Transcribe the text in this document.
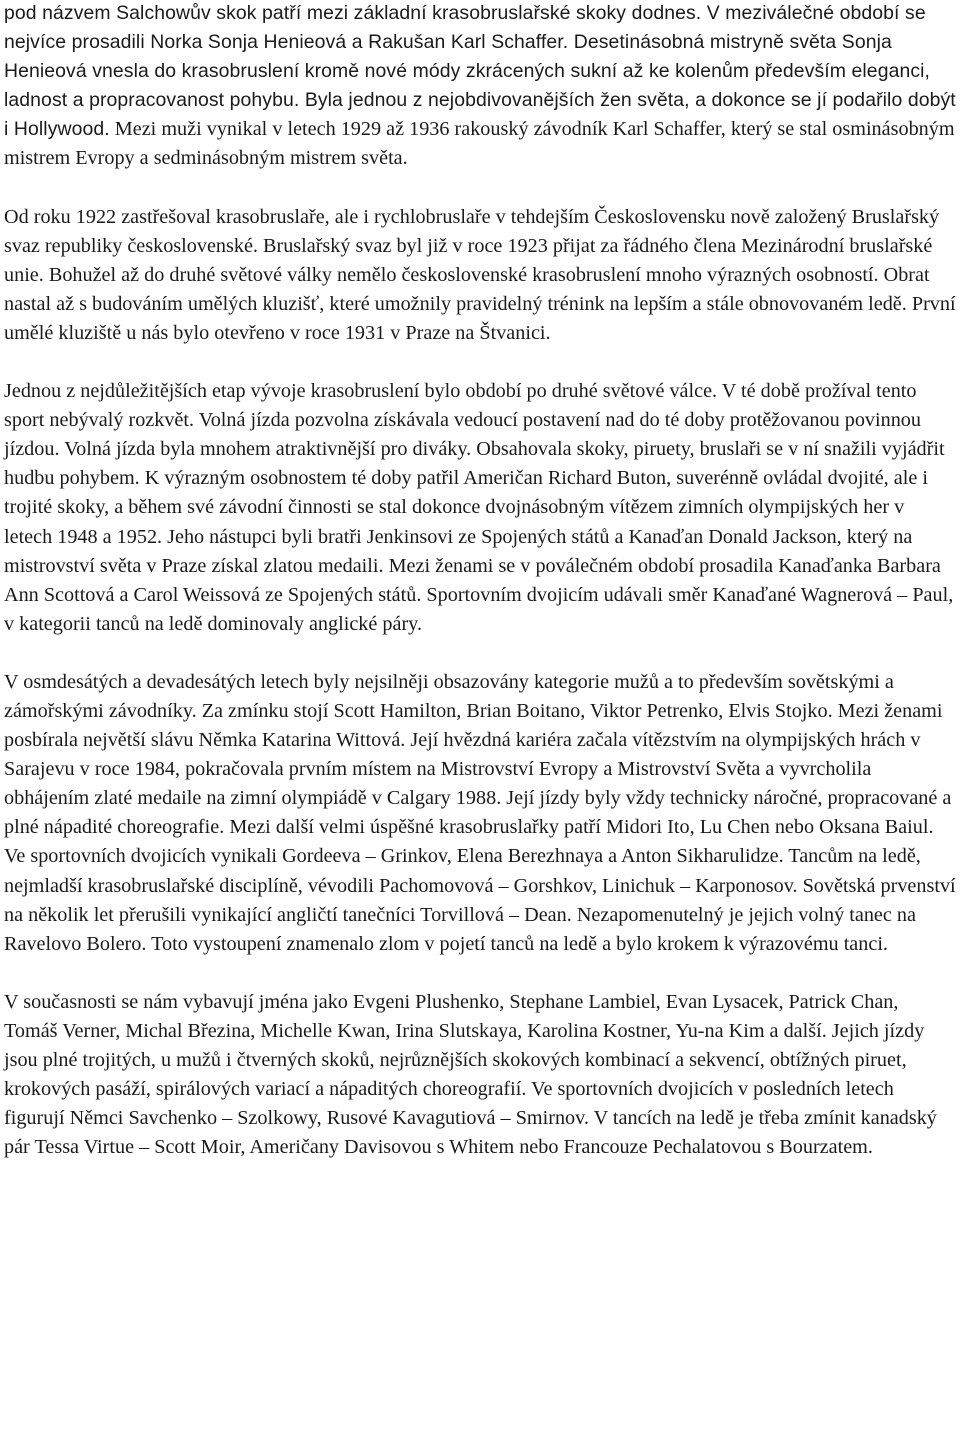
pod názvem Salchowův skok patří mezi základní krasobruslařské skoky dodnes. V meziválečné období se nejvíce prosadili Norka Sonja Henieová a Rakušan Karl Schaffer. Desetinásobná mistryně světa Sonja Henieová vnesla do krasobruslení kromě nové módy zkrácených sukní až ke kolenům především eleganci, ladnost a propracovanost pohybu. Byla jednou z nejobdivovanějších žen světa, a dokonce se jí podařilo dobýt i Hollywood. Mezi muži vynikal v letech 1929 až 1936 rakouský závodník Karl Schaffer, který se stal osminásobným mistrem Evropy a sedminásobným mistrem světa.

Od roku 1922 zastřešoval krasobruslaře, ale i rychlobruslaře v tehdejším Československu nově založený Bruslařský svaz republiky československé. Bruslařský svaz byl již v roce 1923 přijat za řádného člena Mezinárodní bruslařské unie. Bohužel až do druhé světové války nemělo československé krasobruslení mnoho výrazných osobností. Obrat nastal až s budováním umělých kluzišť, které umožnily pravidelný trénink na lepším a stále obnovovaném ledě. První umělé kluziště u nás bylo otevřeno v roce 1931 v Praze na Štvanici.

Jednou z nejdůležitějších etap vývoje krasobruslení bylo období po druhé světové válce. V té době prožíval tento sport nebývalý rozkvět. Volná jízda pozvolna získávala vedoucí postavení nad do té doby protěžovanou povinnou jízdou. Volná jízda byla mnohem atraktivnější pro diváky. Obsahovala skoky, piruety, bruslaři se v ní snažili vyjádřit hudbu pohybem. K výrazným osobnostem té doby patřil Američan Richard Buton, suverénně ovládal dvojité, ale i trojité skoky, a během své závodní činnosti se stal dokonce dvojnásobným vítězem zimních olympijských her v letech 1948 a 1952. Jeho nástupci byli bratři Jenkinsovi ze Spojených států a Kanaďan Donald Jackson, který na mistrovství světa v Praze získal zlatou medaili. Mezi ženami se v poválečném období prosadila Kanaďanka Barbara Ann Scottová a Carol Weissová ze Spojených států. Sportovním dvojicím udávali směr Kanaďané Wagnerová – Paul, v kategorii tanců na ledě dominovaly anglické páry.

V osmdesátých a devadesátých letech byly nejsilněji obsazovány kategorie mužů a to především sovětskými a zámořskými závodníky. Za zmínku stojí Scott Hamilton, Brian Boitano, Viktor Petrenko, Elvis Stojko. Mezi ženami posbírala největší slávu Němka Katarina Wittová. Její hvězdná kariéra začala vítězstvím na olympijských hrách v Sarajevu v roce 1984, pokračovala prvním místem na Mistrovství Evropy a Mistrovství Světa a vyvrcholila obhájením zlaté medaile na zimní olympiádě v Calgary 1988. Její jízdy byly vždy technicky náročné, propracované a plné nápadité choreografie. Mezi další velmi úspěšné krasobruslařky patří Midori Ito, Lu Chen nebo Oksana Baiul. Ve sportovních dvojicích vynikali Gordeeva – Grinkov, Elena Berezhnaya a Anton Sikharulidze. Tancům na ledě, nejmladší krasobruslařské disciplíně, vévodili Pachomovová – Gorshkov, Linichuk – Karponosov. Sovětská prvenství na několik let přerušili vynikající angličtí tanečníci Torvillová – Dean. Nezapomenutelný je jejich volný tanec na Ravelovo Bolero. Toto vystoupení znamenalo zlom v pojetí tanců na ledě a bylo krokem k výrazovému tanci.

V současnosti se nám vybavují jména jako Evgeni Plushenko, Stephane Lambiel, Evan Lysacek, Patrick Chan, Tomáš Verner, Michal Březina, Michelle Kwan, Irina Slutskaya, Karolina Kostner, Yu-na Kim a další. Jejich jízdy jsou plné trojitých, u mužů i čtverných skoků, nejrůznějších skokových kombinací a sekvencí, obtížných piruet, krokových pasáží, spirálových variací a nápaditých choreografií. Ve sportovních dvojicích v posledních letech figurují Němci Savchenko – Szolkowy, Rusové Kavagutiová – Smirnov. V tancích na ledě je třeba zmínit kanadský pár Tessa Virtue – Scott Moir, Američany Davisovou s Whitem nebo Francouze Pechalatovou s Bourzatem.
